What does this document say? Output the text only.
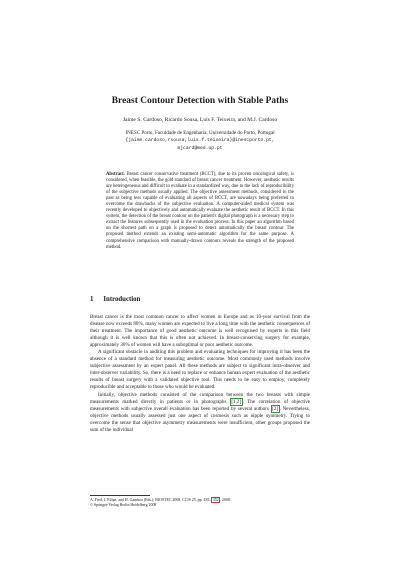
Breast Contour Detection with Stable Paths
Jaime S. Cardoso, Ricardo Sousa, Luís F. Teixeira, and M.J. Cardoso
INESC Porto, Faculdade de Engenharia, Universidade do Porto, Portugal
{jaime.cardoso,rsousa,luis.f.teixeira}@inescporto.pt,
mjcard@med.up.pt
Abstract. Breast cancer conservative treatment (BCCT), due to its proven oncological safety, is considered, when feasible, the gold standard of breast cancer treatment. However, aesthetic results are heterogeneous and difficult to evaluate in a standardized way, due to the lack of reproducibility of the subjective methods usually applied. The objective assessment methods, considered in the past as being less capable of evaluating all aspects of BCCT, are nowadays being preferred to overcome the drawbacks of the subjective evaluation. A computer-aided medical system was recently developed to objectively and automatically evaluate the aesthetic result of BCCT. In this system, the detection of the breast contour on the patient's digital photograph is a necessary step to extract the features subsequently used in the evaluation process. In this paper an algorithm based on the shortest path on a graph is proposed to detect automatically the breast contour. The proposed method extends an existing semi-automatic algorithm for the same purpose. A comprehensive comparison with manually-drawn contours reveals the strength of the proposed method.
1 Introduction

Breast cancer is the most common cancer to affect women in Europe and as 10-year survival from the disease now exceeds 80%, many women are expected to live a long time with the aesthetic consequences of their treatment. The importance of good aesthetic outcome is well recognised by experts in this field although it is well known that this is often not achieved. In breast-conserving surgery for example, approximately 30% of women will have a suboptimal or poor aesthetic outcome.

A significant obstacle in auditing this problem and evaluating techniques for improving it has been the absence of a standard method for measuring aesthetic outcome. Most commonly used methods involve subjective assessment by an expert panel. All these methods are subject to significant intra-observer and inter-observer variability. So, there is a need to replace or enhance human expert evaluation of the aesthetic results of breast surgery with a validated objective tool. This needs to be easy to employ, completely reproducible and acceptable to those who would be evaluated.

Initially, objective methods consisted of the comparison between the two breasts with simple measurements marked directly in patients or in photographs [1,2] . The correlation of objective measurements with subjective overall evaluation has been reported by several authors [2] . Nevertheless, objective methods usually assessed just one aspect of cosmesis such as nipple symmetry. Trying to overcome the sense that objective asymmetry measurements were insufficient, other groups proposed the sum of the individual

A. Fred, J. Filipe, and H. Gamboa (Eds.): BIOSTEC 2008, CCIS 25, pp. 439– 452 , 2008.
© Springer-Verlag Berlin Heidelberg 2008
